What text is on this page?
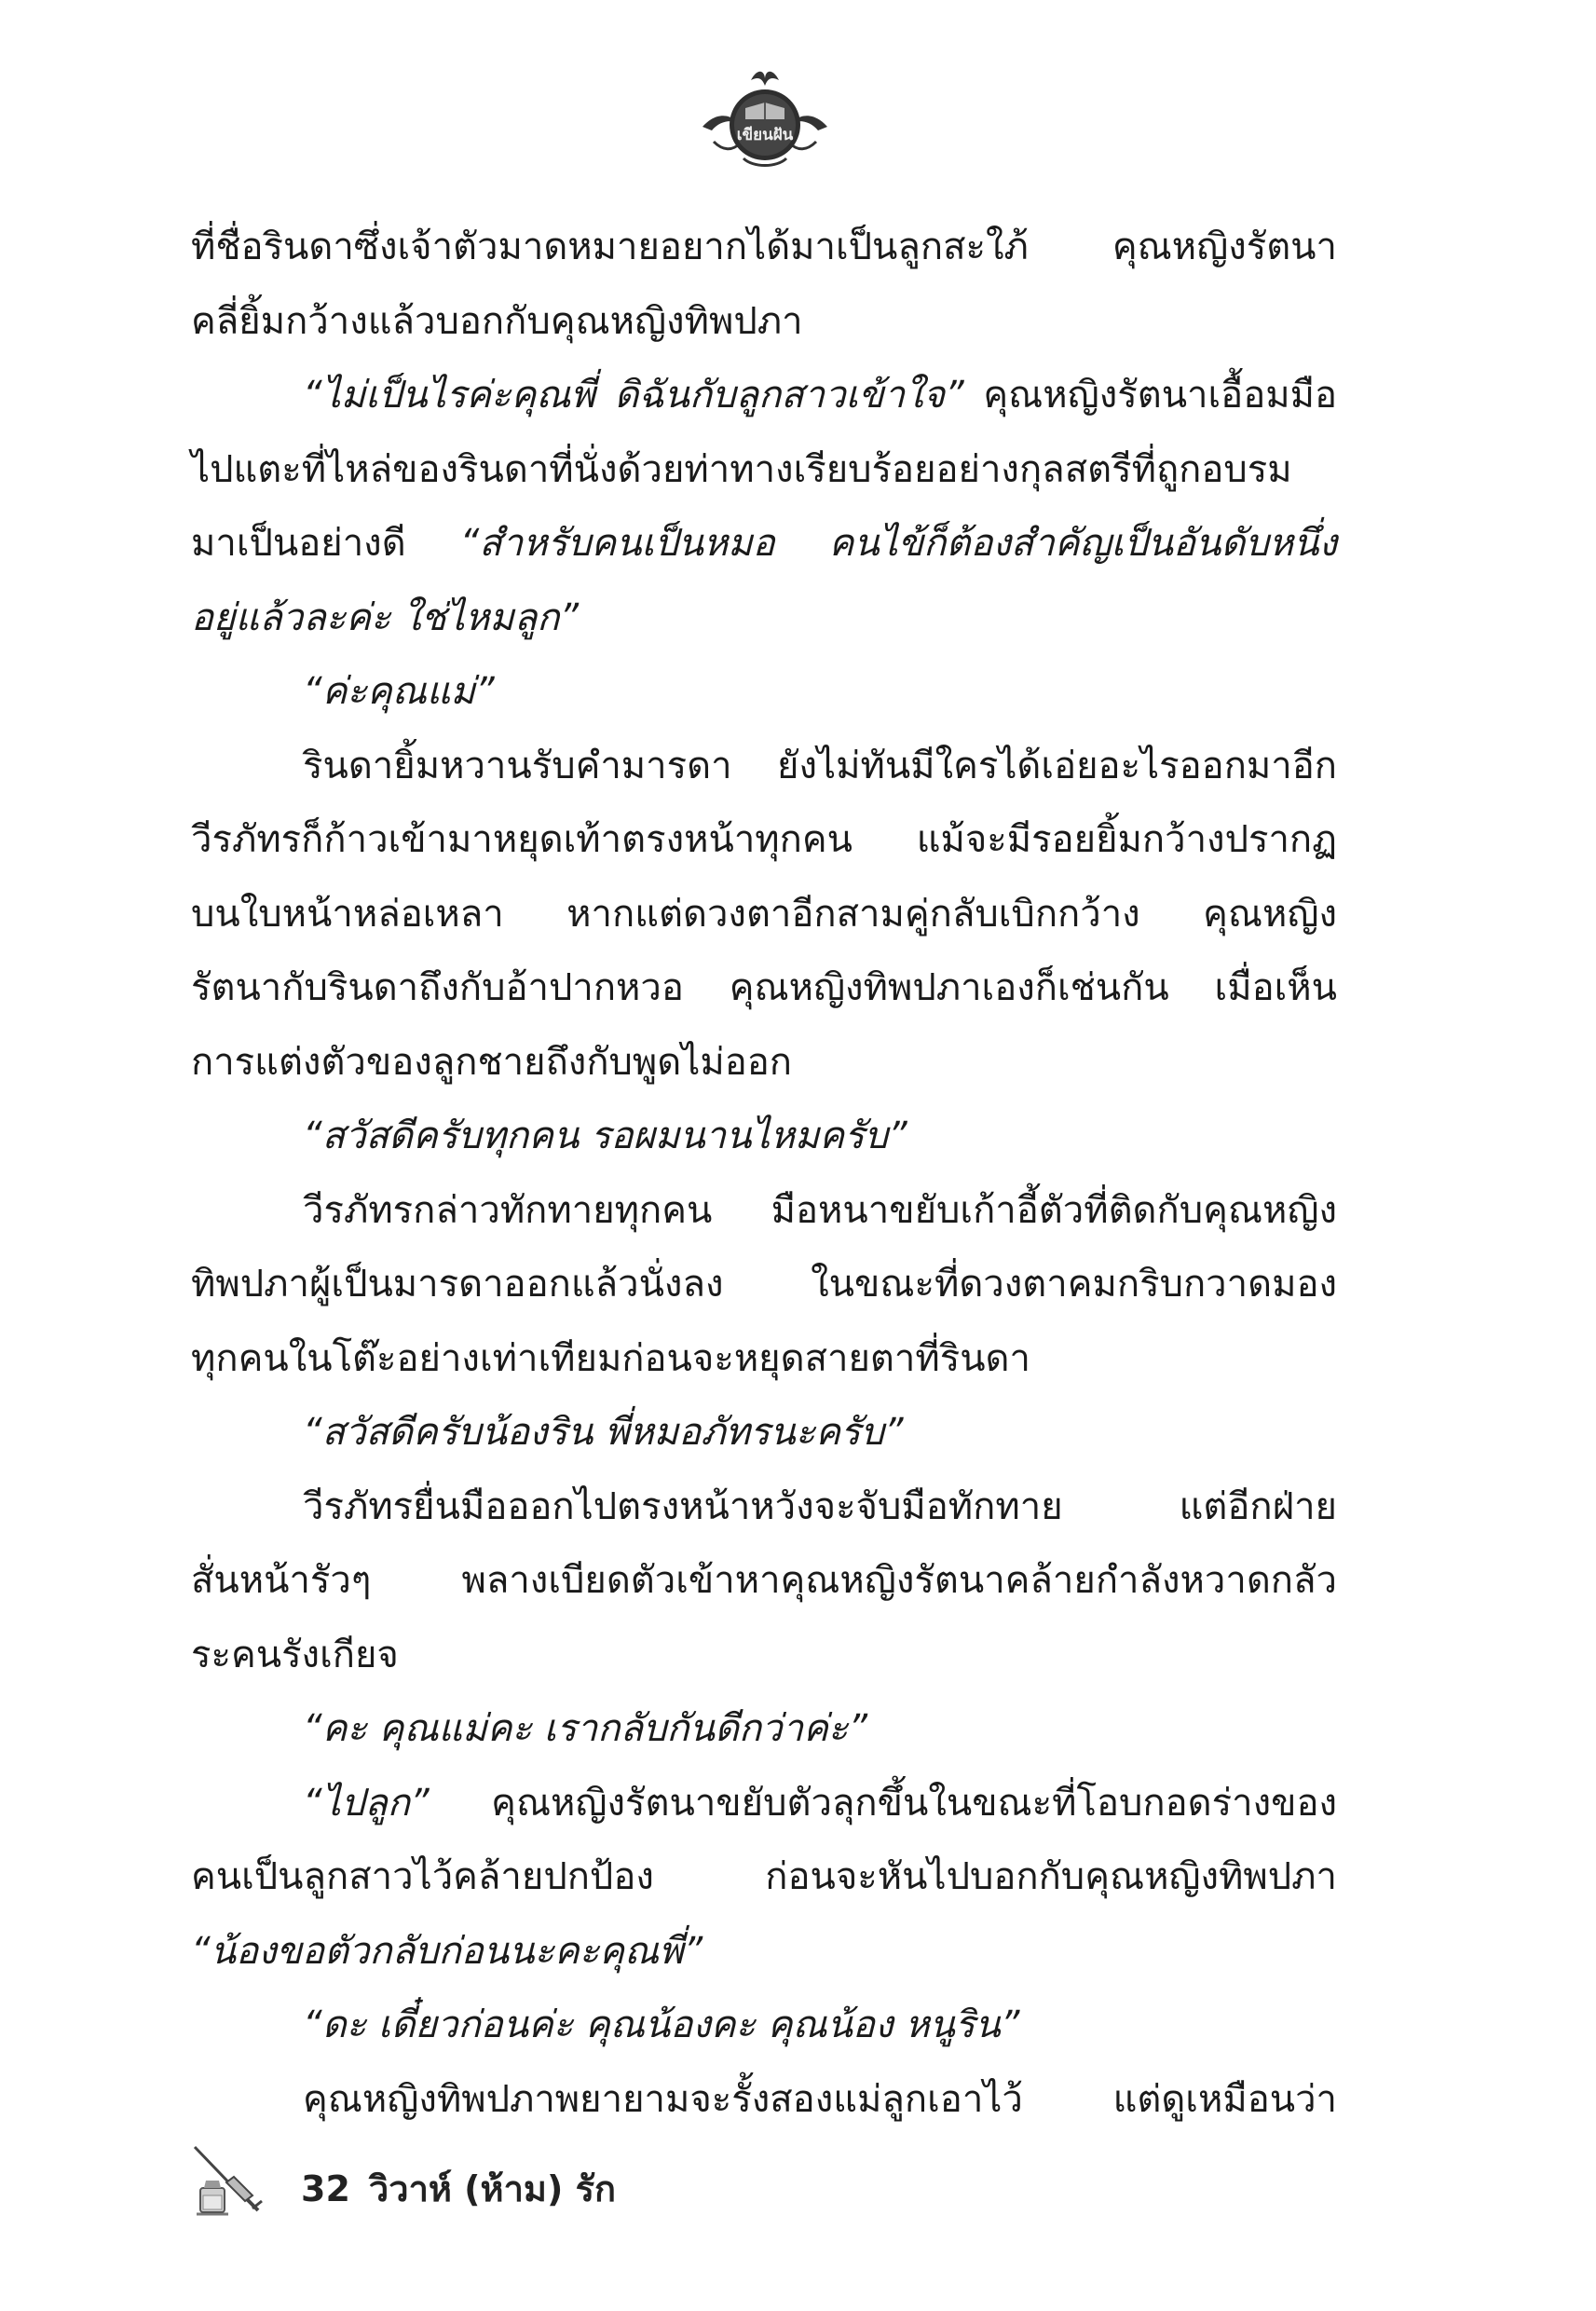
เขียนฝัน
ที่ชื่อรินดาซึ่งเจ้าตัวมาดหมายอยากได้มาเป็นลูกสะใภ้ คุณหญิงรัตนา
คลี่ยิ้มกว้างแล้วบอกกับคุณหญิงทิพปภา
“ไม่เป็นไรค่ะคุณพี่ ดิฉันกับลูกสาวเข้าใจ” คุณหญิงรัตนาเอื้อมมือ
ไปแตะที่ไหล่ของรินดาที่นั่งด้วยท่าทางเรียบร้อยอย่างกุลสตรีที่ถูกอบรม
มาเป็นอย่างดี “สำหรับคนเป็นหมอ คนไข้ก็ต้องสำคัญเป็นอันดับหนึ่ง
อยู่แล้วละค่ะ ใช่ไหมลูก”
“ค่ะคุณแม่”
รินดายิ้มหวานรับคำมารดา ยังไม่ทันมีใครได้เอ่ยอะไรออกมาอีก
วีรภัทรก็ก้าวเข้ามาหยุดเท้าตรงหน้าทุกคน แม้จะมีรอยยิ้มกว้างปรากฏ
บนใบหน้าหล่อเหลา หากแต่ดวงตาอีกสามคู่กลับเบิกกว้าง คุณหญิง
รัตนากับรินดาถึงกับอ้าปากหวอ คุณหญิงทิพปภาเองก็เช่นกัน เมื่อเห็น
การแต่งตัวของลูกชายถึงกับพูดไม่ออก
“สวัสดีครับทุกคน รอผมนานไหมครับ”
วีรภัทรกล่าวทักทายทุกคน มือหนาขยับเก้าอี้ตัวที่ติดกับคุณหญิง
ทิพปภาผู้เป็นมารดาออกแล้วนั่งลง ในขณะที่ดวงตาคมกริบกวาดมอง
ทุกคนในโต๊ะอย่างเท่าเทียมก่อนจะหยุดสายตาที่รินดา
“สวัสดีครับน้องริน พี่หมอภัทรนะครับ”
วีรภัทรยื่นมือออกไปตรงหน้าหวังจะจับมือทักทาย แต่อีกฝ่าย
สั่นหน้ารัวๆ พลางเบียดตัวเข้าหาคุณหญิงรัตนาคล้ายกำลังหวาดกลัว
ระคนรังเกียจ
“คะ คุณแม่คะ เรากลับกันดีกว่าค่ะ”
“ไปลูก” คุณหญิงรัตนาขยับตัวลุกขึ้นในขณะที่โอบกอดร่างของ
คนเป็นลูกสาวไว้คล้ายปกป้อง ก่อนจะหันไปบอกกับคุณหญิงทิพปภา
“น้องขอตัวกลับก่อนนะคะคุณพี่”
“ดะ เดี๋ยวก่อนค่ะ คุณน้องคะ คุณน้อง หนูริน”
คุณหญิงทิพปภาพยายามจะรั้งสองแม่ลูกเอาไว้ แต่ดูเหมือนว่า
32 วิวาห์ (ห้าม) รัก
